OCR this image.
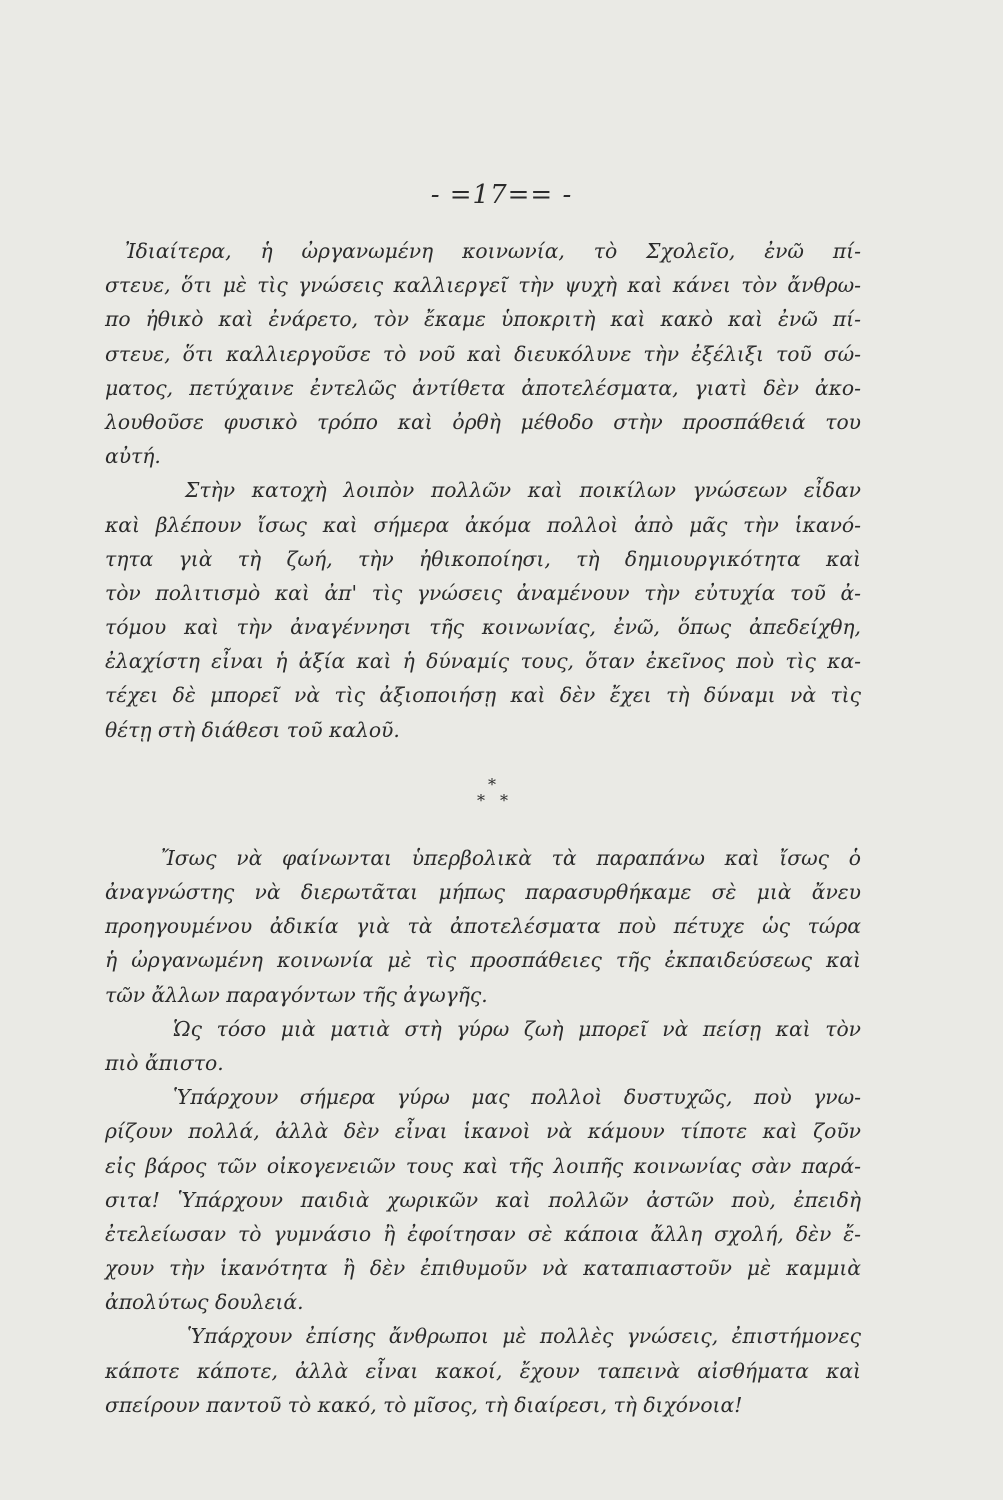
- =17== -
Ἰδιαίτερα, ἡ ὠργανωμένη κοινωνία, τὸ Σχολεῖο, ἐνῶ πί-
στευε, ὅτι μὲ τὶς γνώσεις καλλιεργεῖ τὴν ψυχὴ καὶ κάνει τὸν ἄνθρω-
πο ἠθικὸ καὶ ἐνάρετο, τὸν ἔκαμε ὑποκριτὴ καὶ κακὸ καὶ ἐνῶ πί-
στευε, ὅτι καλλιεργοῦσε τὸ νοῦ καὶ διευκόλυνε τὴν ἐξέλιξι τοῦ σώ-
ματος, πετύχαινε ἐντελῶς ἀντίθετα ἀποτελέσματα, γιατὶ δὲν ἀκο-
λουθοῦσε φυσικὸ τρόπο καὶ ὀρθὴ μέθοδο στὴν προσπάθειά του
αὐτή.
Στὴν κατοχὴ λοιπὸν πολλῶν καὶ ποικίλων γνώσεων εἶδαν
καὶ βλέπουν ἴσως καὶ σήμερα ἀκόμα πολλοὶ ἀπὸ μᾶς τὴν ἱκανό-
τητα γιὰ τὴ ζωή, τὴν ἠθικοποίησι, τὴ δημιουργικότητα καὶ
τὸν πολιτισμὸ καὶ ἀπ' τὶς γνώσεις ἀναμένουν τὴν εὐτυχία τοῦ ἀ-
τόμου καὶ τὴν ἀναγέννησι τῆς κοινωνίας, ἐνῶ, ὅπως ἀπεδείχθη,
ἐλαχίστη εἶναι ἡ ἀξία καὶ ἡ δύναμίς τους, ὅταν ἐκεῖνος ποὺ τὶς κα-
τέχει δὲ μπορεῖ νὰ τὶς ἀξιοποιήσῃ καὶ δὲν ἔχει τὴ δύναμι νὰ τὶς
θέτῃ στὴ διάθεσι τοῦ καλοῦ.
*
* *
Ἴσως νὰ φαίνωνται ὑπερβολικὰ τὰ παραπάνω καὶ ἴσως ὁ
ἀναγνώστης νὰ διερωτᾶται μήπως παρασυρθήκαμε σὲ μιὰ ἄνευ
προηγουμένου ἀδικία γιὰ τὰ ἀποτελέσματα ποὺ πέτυχε ὡς τώρα
ἡ ὠργανωμένη κοινωνία μὲ τὶς προσπάθειες τῆς ἐκπαιδεύσεως καὶ
τῶν ἄλλων παραγόντων τῆς ἀγωγῆς.
Ὡς τόσο μιὰ ματιὰ στὴ γύρω ζωὴ μπορεῖ νὰ πείσῃ καὶ τὸν
πιὸ ἄπιστο.
Ὑπάρχουν σήμερα γύρω μας πολλοὶ δυστυχῶς, ποὺ γνω-
ρίζουν πολλά, ἀλλὰ δὲν εἶναι ἱκανοὶ νὰ κάμουν τίποτε καὶ ζοῦν
εἰς βάρος τῶν οἰκογενειῶν τους καὶ τῆς λοιπῆς κοινωνίας σὰν παρά-
σιτα! Ὑπάρχουν παιδιὰ χωρικῶν καὶ πολλῶν ἀστῶν ποὺ, ἐπειδὴ
ἐτελείωσαν τὸ γυμνάσιο ἢ ἐφοίτησαν σὲ κάποια ἄλλη σχολή, δὲν ἔ-
χουν τὴν ἱκανότητα ἢ δὲν ἐπιθυμοῦν νὰ καταπιαστοῦν μὲ καμμιὰ
ἀπολύτως δουλειά.
Ὑπάρχουν ἐπίσης ἄνθρωποι μὲ πολλὲς γνώσεις, ἐπιστήμονες
κάποτε κάποτε, ἀλλὰ εἶναι κακοί, ἔχουν ταπεινὰ αἰσθήματα καὶ
σπείρουν παντοῦ τὸ κακό, τὸ μῖσος, τὴ διαίρεσι, τὴ διχόνοια!
